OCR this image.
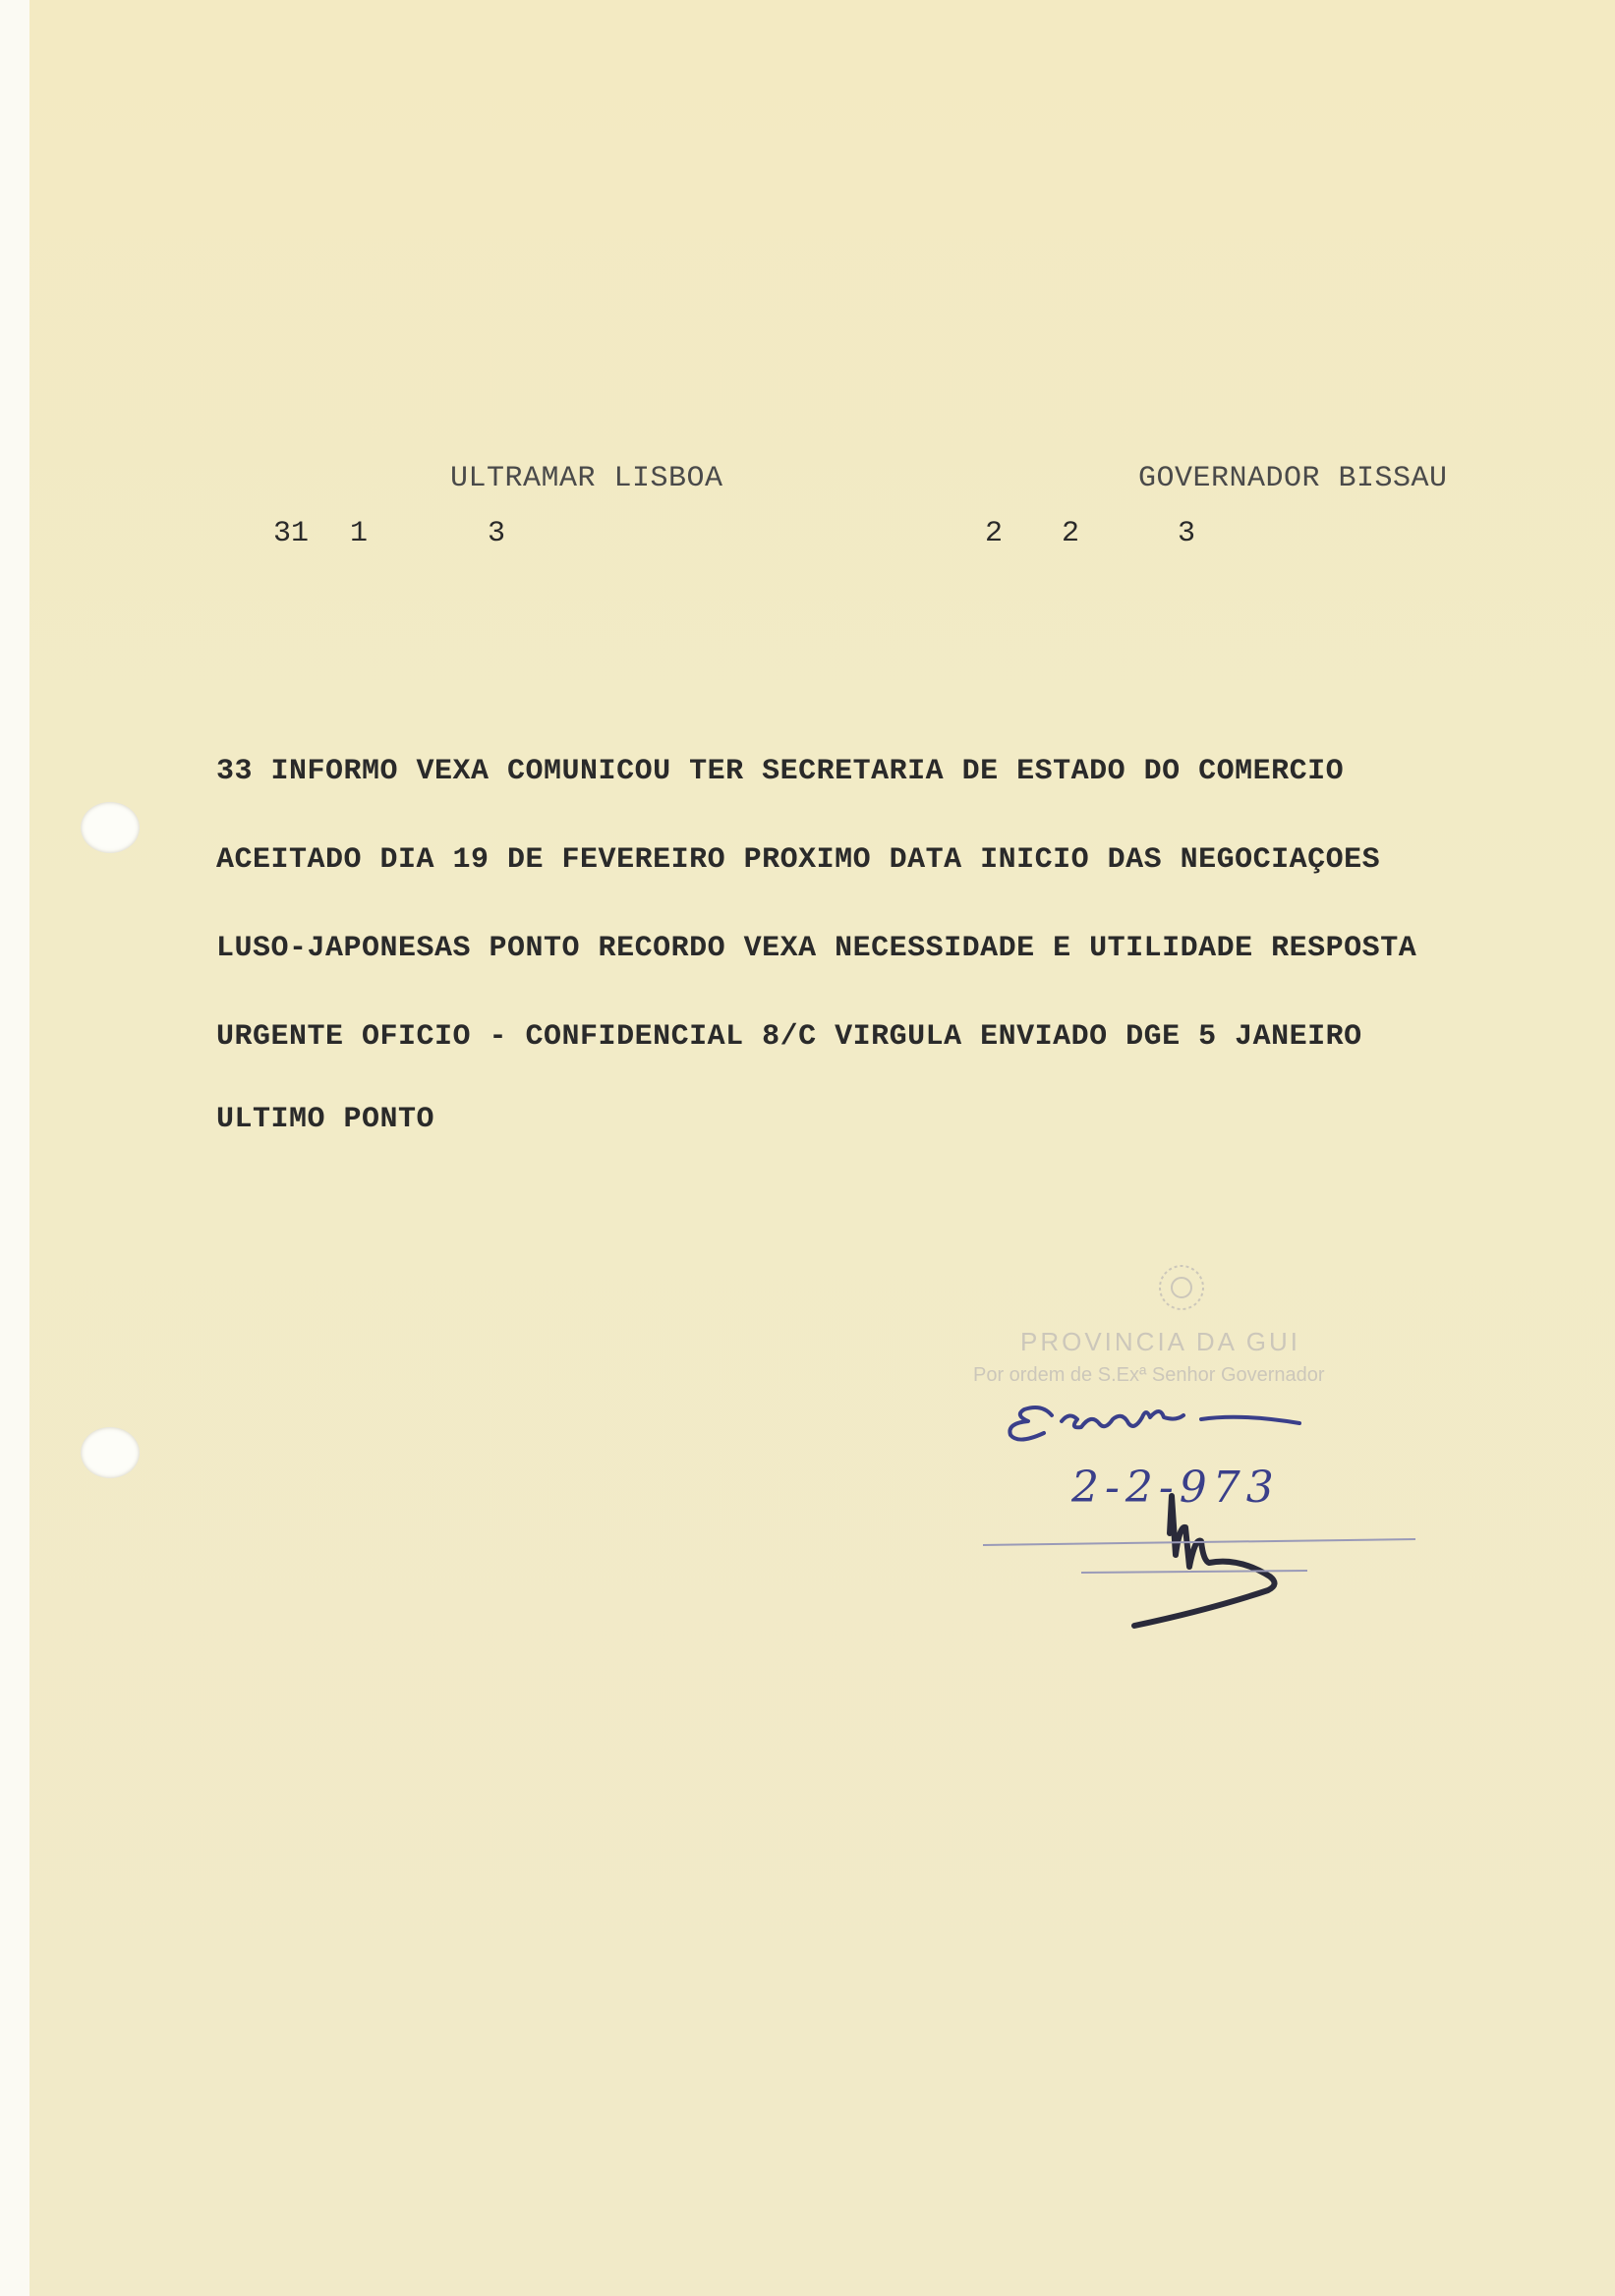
ULTRAMAR LISBOA	GOVERNADOR BISSAU
31 1	3	2 2	3
33 INFORMO VEXA COMUNICOU TER SECRETARIA DE ESTADO DO COMERCIO
ACEITADO DIA 19 DE FEVEREIRO PROXIMO DATA INICIO DAS NEGOCIAÇOES
LUSO-JAPONESAS PONTO RECORDO VEXA NECESSIDADE E UTILIDADE RESPOSTA
URGENTE OFICIO - CONFIDENCIAL 8/C VIRGULA ENVIADO DGE 5 JANEIRO
ULTIMO PONTO
PROVINCIA DA GUI
Por ordem de S.Exª Senhor Governador
2-2-973
